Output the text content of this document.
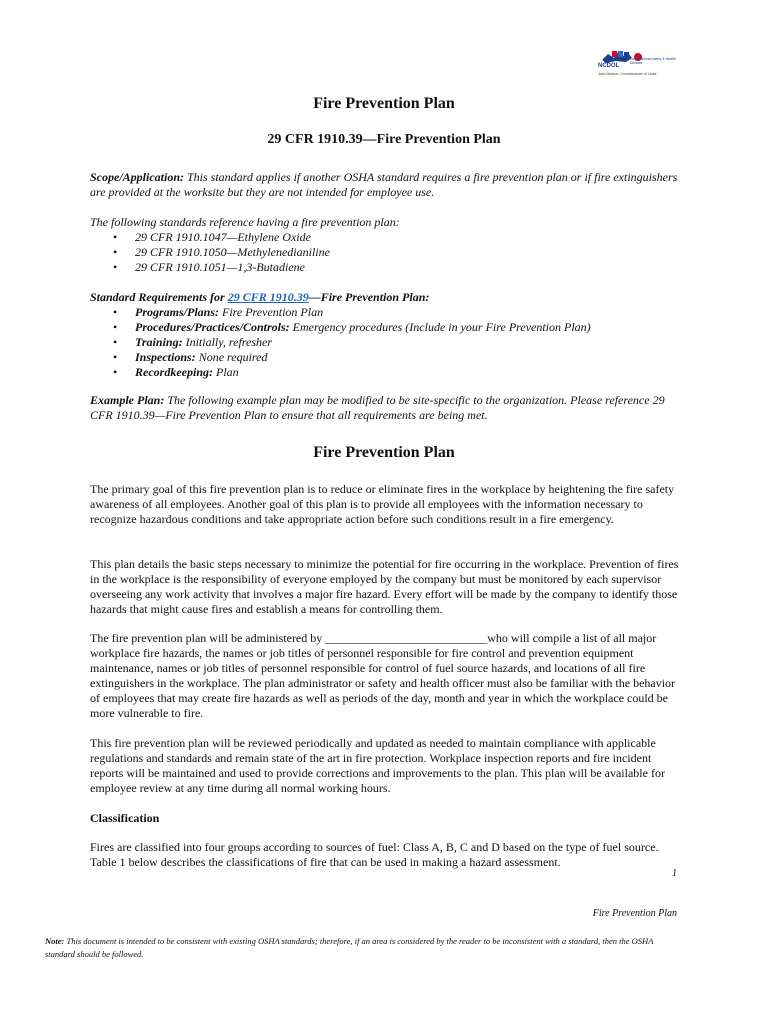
NCDOL
Occupational Safety & Health Division
Josh Dobson, Commissioner of Labor
Fire Prevention Plan
29 CFR 1910.39—Fire Prevention Plan
Scope/Application: This standard applies if another OSHA standard requires a fire prevention plan or if fire extinguishers are provided at the worksite but they are not intended for employee use.
The following standards reference having a fire prevention plan:
• 29 CFR 1910.1047—Ethylene Oxide
• 29 CFR 1910.1050—Methylenedianiline
• 29 CFR 1910.1051—1,3-Butadiene
Standard Requirements for 29 CFR 1910.39—Fire Prevention Plan:
• Programs/Plans: Fire Prevention Plan
• Procedures/Practices/Controls: Emergency procedures (Include in your Fire Prevention Plan)
• Training: Initially, refresher
• Inspections: None required
• Recordkeeping: Plan
Example Plan: The following example plan may be modified to be site-specific to the organization. Please reference 29 CFR 1910.39—Fire Prevention Plan to ensure that all requirements are being met.
Fire Prevention Plan
The primary goal of this fire prevention plan is to reduce or eliminate fires in the workplace by heightening the fire safety awareness of all employees. Another goal of this plan is to provide all employees with the information necessary to recognize hazardous conditions and take appropriate action before such conditions result in a fire emergency.
This plan details the basic steps necessary to minimize the potential for fire occurring in the workplace. Prevention of fires in the workplace is the responsibility of everyone employed by the company but must be monitored by each supervisor overseeing any work activity that involves a major fire hazard. Every effort will be made by the company to identify those hazards that might cause fires and establish a means for controlling them.
The fire prevention plan will be administered by ___________________________who will compile a list of all major workplace fire hazards, the names or job titles of personnel responsible for fire control and prevention equipment maintenance, names or job titles of personnel responsible for control of fuel source hazards, and locations of all fire extinguishers in the workplace. The plan administrator or safety and health officer must also be familiar with the behavior of employees that may create fire hazards as well as periods of the day, month and year in which the workplace could be more vulnerable to fire.
This fire prevention plan will be reviewed periodically and updated as needed to maintain compliance with applicable regulations and standards and remain state of the art in fire protection. Workplace inspection reports and fire incident reports will be maintained and used to provide corrections and improvements to the plan. This plan will be available for employee review at any time during all normal working hours.
Classification
Fires are classified into four groups according to sources of fuel: Class A, B, C and D based on the type of fuel source. Table 1 below describes the classifications of fire that can be used in making a hazard assessment.
1
Fire Prevention Plan
Note: This document is intended to be consistent with existing OSHA standards; therefore, if an area is considered by the reader to be inconsistent with a standard, then the OSHA standard should be followed.
